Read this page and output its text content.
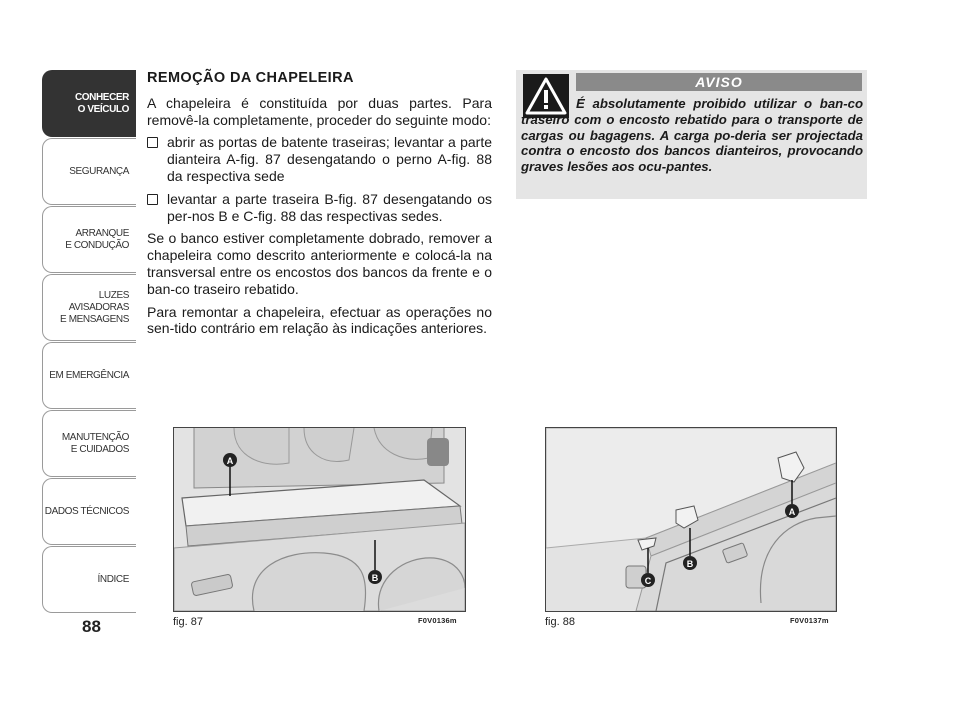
CONHECER
O VEÍCULO
SEGURANÇA
ARRANQUE
E CONDUÇÃO
LUZES AVISADORAS
E MENSAGENS
EM EMERGÊNCIA
MANUTENÇÃO
E CUIDADOS
DADOS TÉCNICOS
ÍNDICE
88
REMOÇÃO DA CHAPELEIRA

A chapeleira é constituída por duas partes. Para removê-la completamente, proceder do seguinte modo:

abrir as portas de batente traseiras; levantar a parte dianteira A-fig. 87 desengatando o perno A-fig. 88 da respectiva sede
levantar a parte traseira B-fig. 87 desengatando os per-nos B e C-fig. 88 das respectivas sedes.

Se o banco estiver completamente dobrado, remover a chapeleira como descrito anteriormente e colocá-la na transversal entre os encostos dos bancos da frente e o ban-co traseiro rebatido.

Para remontar a chapeleira, efectuar as operações no sen-tido contrário em relação às indicações anteriores.

AVISO
É absolutamente proibido utilizar o ban-co traseiro com o encosto rebatido para o transporte de cargas ou bagagens. A carga po-deria ser projectada contra o encosto dos bancos dianteiros, provocando graves lesões aos ocu-pantes.
A
B
fig. 87	F0V0136m
A
B
C
fig. 88	F0V0137m
